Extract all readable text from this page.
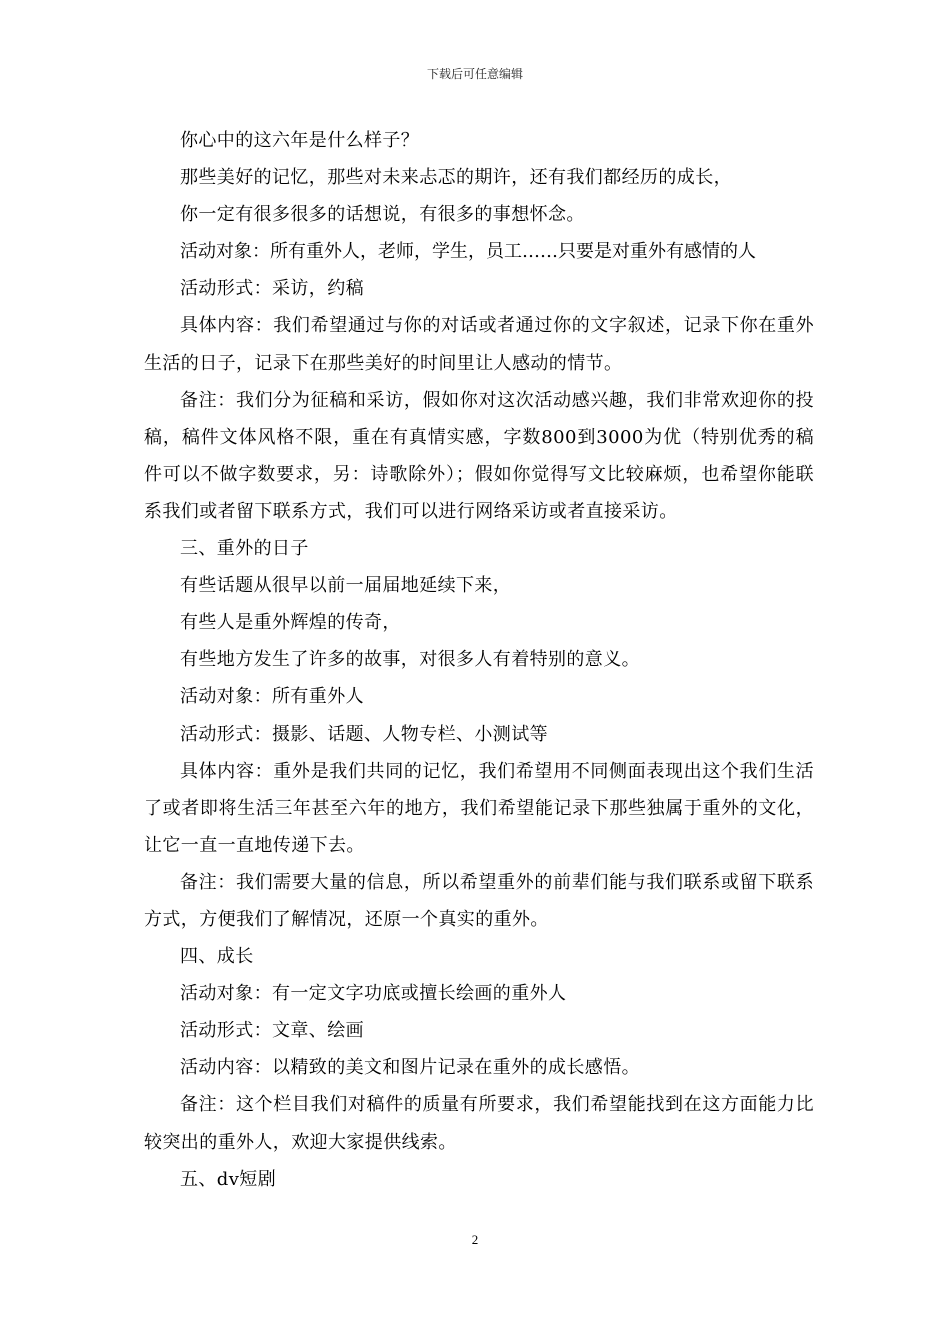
下载后可任意编辑

你心中的这六年是什么样子？

那些美好的记忆，那些对未来忐忑的期许，还有我们都经历的成长，

你一定有很多很多的话想说，有很多的事想怀念。

活动对象：所有重外人，老师，学生，员工……只要是对重外有感情的人

活动形式：采访，约稿

具体内容：我们希望通过与你的对话或者通过你的文字叙述，记录下你在重外生活的日子，记录下在那些美好的时间里让人感动的情节。

备注：我们分为征稿和采访，假如你对这次活动感兴趣，我们非常欢迎你的投稿，稿件文体风格不限，重在有真情实感，字数800到3000为优（特别优秀的稿件可以不做字数要求，另：诗歌除外）；假如你觉得写文比较麻烦，也希望你能联系我们或者留下联系方式，我们可以进行网络采访或者直接采访。

三、重外的日子

有些话题从很早以前一届届地延续下来，

有些人是重外辉煌的传奇，

有些地方发生了许多的故事，对很多人有着特别的意义。

活动对象：所有重外人

活动形式：摄影、话题、人物专栏、小测试等

具体内容：重外是我们共同的记忆，我们希望用不同侧面表现出这个我们生活了或者即将生活三年甚至六年的地方，我们希望能记录下那些独属于重外的文化，让它一直一直地传递下去。

备注：我们需要大量的信息，所以希望重外的前辈们能与我们联系或留下联系方式，方便我们了解情况，还原一个真实的重外。

四、成长

活动对象：有一定文字功底或擅长绘画的重外人

活动形式：文章、绘画

活动内容：以精致的美文和图片记录在重外的成长感悟。

备注：这个栏目我们对稿件的质量有所要求，我们希望能找到在这方面能力比较突出的重外人，欢迎大家提供线索。

五、dv短剧

2
